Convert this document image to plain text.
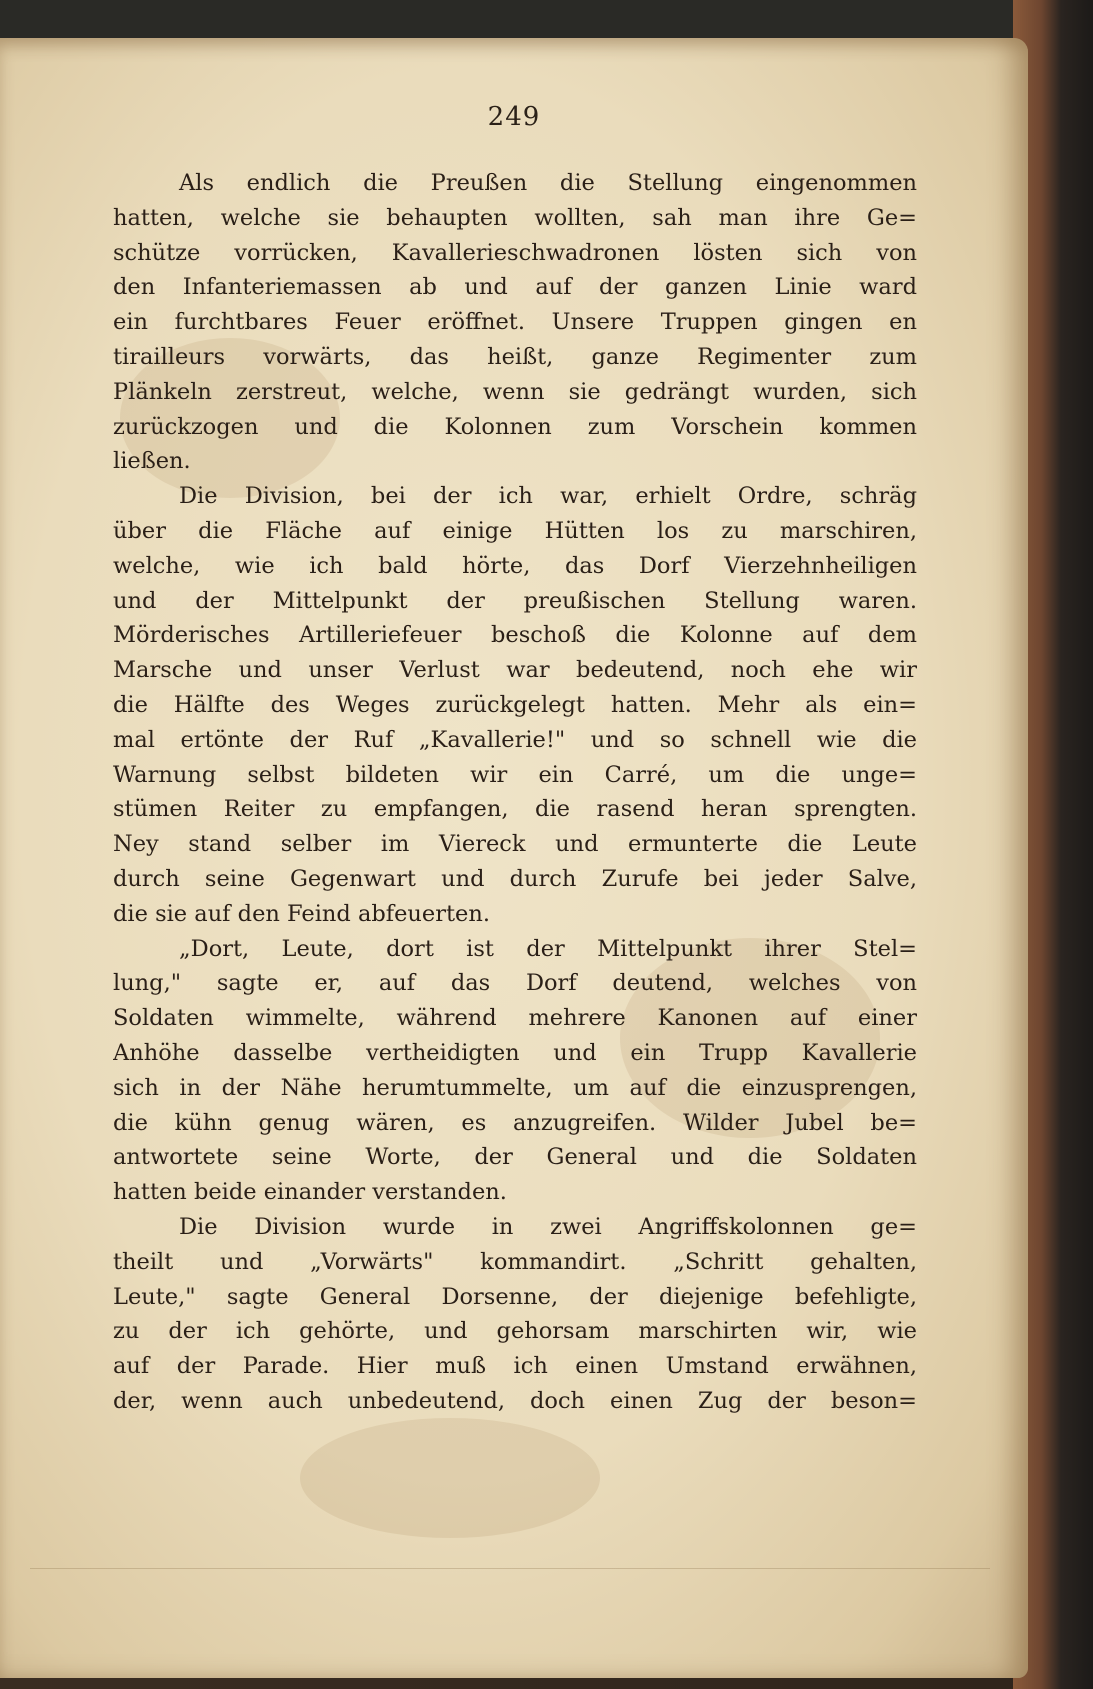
249
Als endlich die Preußen die Stellung eingenommen
hatten, welche sie behaupten wollten, sah man ihre Ge=
schütze vorrücken, Kavallerieschwadronen lösten sich von
den Infanteriemassen ab und auf der ganzen Linie ward
ein furchtbares Feuer eröffnet. Unsere Truppen gingen en
tirailleurs vorwärts, das heißt, ganze Regimenter zum
Plänkeln zerstreut, welche, wenn sie gedrängt wurden, sich
zurückzogen und die Kolonnen zum Vorschein kommen
ließen.
Die Division, bei der ich war, erhielt Ordre, schräg
über die Fläche auf einige Hütten los zu marschiren,
welche, wie ich bald hörte, das Dorf Vierzehnheiligen
und der Mittelpunkt der preußischen Stellung waren.
Mörderisches Artilleriefeuer beschoß die Kolonne auf dem
Marsche und unser Verlust war bedeutend, noch ehe wir
die Hälfte des Weges zurückgelegt hatten. Mehr als ein=
mal ertönte der Ruf „Kavallerie!" und so schnell wie die
Warnung selbst bildeten wir ein Carré, um die unge=
stümen Reiter zu empfangen, die rasend heran sprengten.
Ney stand selber im Viereck und ermunterte die Leute
durch seine Gegenwart und durch Zurufe bei jeder Salve,
die sie auf den Feind abfeuerten.
„Dort, Leute, dort ist der Mittelpunkt ihrer Stel=
lung," sagte er, auf das Dorf deutend, welches von
Soldaten wimmelte, während mehrere Kanonen auf einer
Anhöhe dasselbe vertheidigten und ein Trupp Kavallerie
sich in der Nähe herumtummelte, um auf die einzusprengen,
die kühn genug wären, es anzugreifen. Wilder Jubel be=
antwortete seine Worte, der General und die Soldaten
hatten beide einander verstanden.
Die Division wurde in zwei Angriffskolonnen ge=
theilt und „Vorwärts" kommandirt. „Schritt gehalten,
Leute," sagte General Dorsenne, der diejenige befehligte,
zu der ich gehörte, und gehorsam marschirten wir, wie
auf der Parade. Hier muß ich einen Umstand erwähnen,
der, wenn auch unbedeutend, doch einen Zug der beson=
